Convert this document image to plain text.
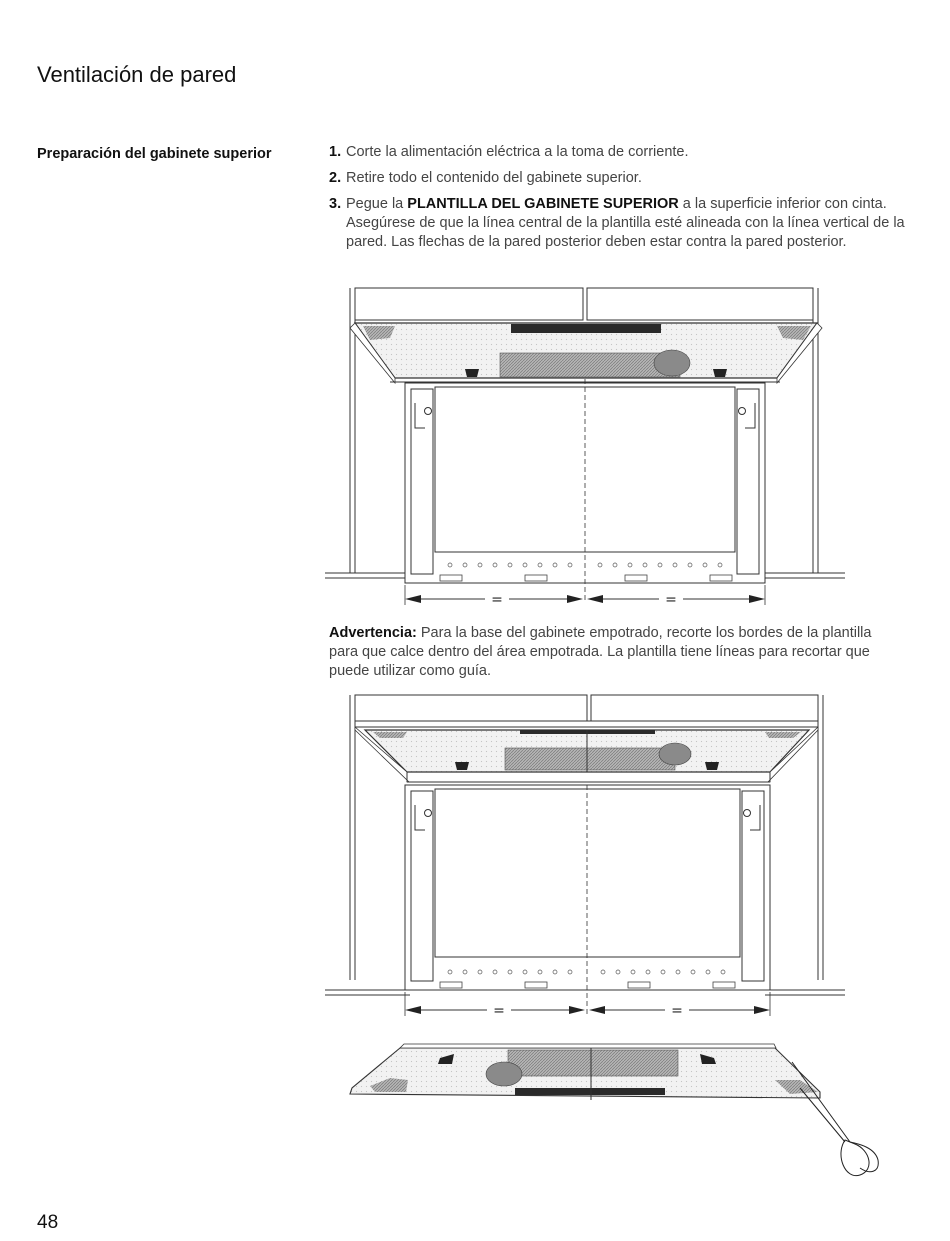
Ventilación de pared
Preparación del gabinete superior	1. Corte la alimentación eléctrica a la toma de corriente.
2. Retire todo el contenido del gabinete superior.
3. Pegue la PLANTILLA DEL GABINETE SUPERIOR a la superficie inferior con cinta. Asegúrese de que la línea central de la plantilla esté alineada con la línea vertical de la pared. Las flechas de la pared posterior deben estar contra la pared posterior.
=	=
Advertencia: Para la base del gabinete empotrado, recorte los bordes de la plantilla para que calce dentro del área empotrada. La plantilla tiene líneas para recortar que puede utilizar como guía.
=	=
48
